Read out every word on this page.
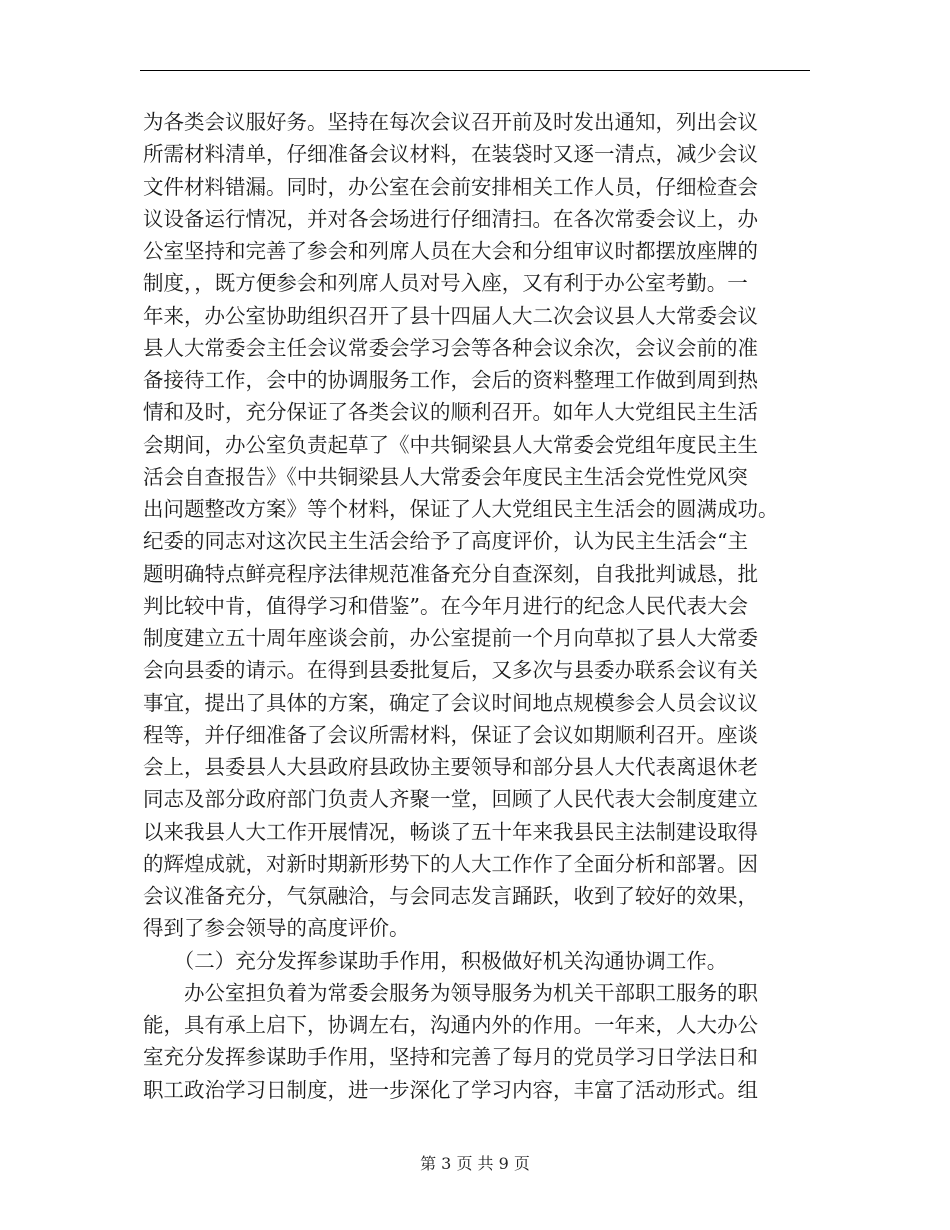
为各类会议服好务。坚持在每次会议召开前及时发出通知，列出会议
所需材料清单，仔细准备会议材料，在装袋时又逐一清点，减少会议
文件材料错漏。同时，办公室在会前安排相关工作人员，仔细检查会
议设备运行情况，并对各会场进行仔细清扫。在各次常委会议上，办
公室坚持和完善了参会和列席人员在大会和分组审议时都摆放座牌的
制度，，既方便参会和列席人员对号入座，又有利于办公室考勤。一
年来，办公室协助组织召开了县十四届人大二次会议县人大常委会议
县人大常委会主任会议常委会学习会等各种会议余次，会议会前的准
备接待工作，会中的协调服务工作，会后的资料整理工作做到周到热
情和及时，充分保证了各类会议的顺利召开。如年人大党组民主生活
会期间，办公室负责起草了《中共铜梁县人大常委会党组年度民主生
活会自查报告》《中共铜梁县人大常委会年度民主生活会党性党风突
出问题整改方案》等个材料，保证了人大党组民主生活会的圆满成功。
纪委的同志对这次民主生活会给予了高度评价，认为民主生活会“主
题明确特点鲜亮程序法律规范准备充分自查深刻，自我批判诚恳，批
判比较中肯，值得学习和借鉴”。在今年月进行的纪念人民代表大会
制度建立五十周年座谈会前，办公室提前一个月向草拟了县人大常委
会向县委的请示。在得到县委批复后，又多次与县委办联系会议有关
事宜，提出了具体的方案，确定了会议时间地点规模参会人员会议议
程等，并仔细准备了会议所需材料，保证了会议如期顺利召开。座谈
会上，县委县人大县政府县政协主要领导和部分县人大代表离退休老
同志及部分政府部门负责人齐聚一堂，回顾了人民代表大会制度建立
以来我县人大工作开展情况，畅谈了五十年来我县民主法制建设取得
的辉煌成就，对新时期新形势下的人大工作作了全面分析和部署。因
会议准备充分，气氛融洽，与会同志发言踊跃，收到了较好的效果，
得到了参会领导的高度评价。
　　（二）充分发挥参谋助手作用，积极做好机关沟通协调工作。
　　办公室担负着为常委会服务为领导服务为机关干部职工服务的职
能，具有承上启下，协调左右，沟通内外的作用。一年来，人大办公
室充分发挥参谋助手作用，坚持和完善了每月的党员学习日学法日和
职工政治学习日制度，进一步深化了学习内容，丰富了活动形式。组
第 3 页 共 9 页
